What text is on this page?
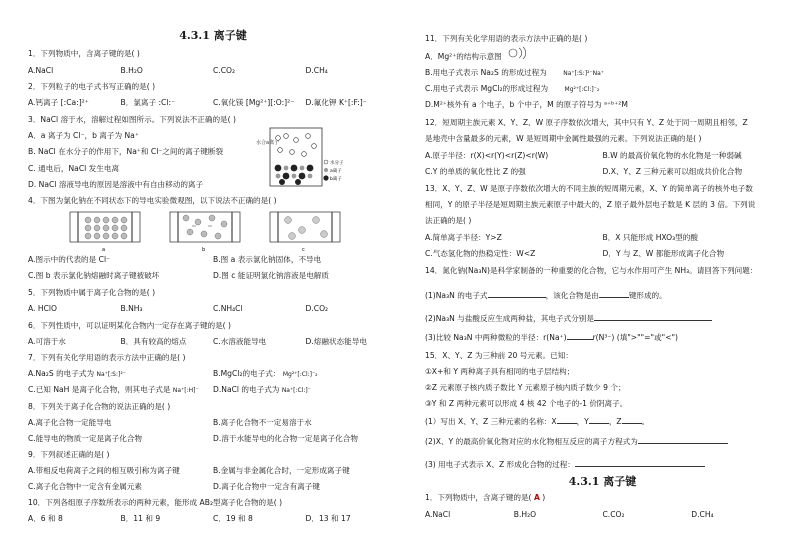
4.3.1 离子键
1．下列物质中，含离子键的是( )
A.NaCl	B.H₂O	C.CO₂	D.CH₄
2．下列粒子的电子式书写正确的是( )
A.钙离子 [:Ca:]²⁺	B．氯离子 :Cl:⁻	C.氧化镁 [Mg²⁺][:O:]²⁻	D.氟化钾 K⁺[:F:]⁻
3．NaCl 溶于水，溶解过程如图所示。下列说法不正确的是( )
A．a 离子为 Cl⁻，b 离子为 Na⁺
B. NaCl 在水分子的作用下，Na⁺和 Cl⁻之间的离子键断裂
C. 通电后，NaCl 发生电离
D. NaCl 溶液导电的原因是溶液中有自由移动的离子
水合a离子
水分子
a离子
b离子
4．下图为氯化钠在不同状态下的导电实验微观图，以下说法不正确的是( )
a	b	c
A.图示中的代表的是 Cl⁻	B.图 a 表示氯化钠固体，不导电
C.图 b 表示氯化钠熔融时离子键被破坏	D.图 c 能证明氯化钠溶液是电解质
5．下列物质中属于离子化合物的是( )
A. HClO	B.NH₃	C.NH₄Cl	D.CO₂
6．下列性质中，可以证明某化合物内一定存在离子键的是( )
A.可溶于水	B．具有较高的熔点	C.水溶液能导电	D.熔融状态能导电
7．下列有关化学用语的表示方法中正确的是( )
A.Na₂S 的电子式为 Na⁺[:S:]²⁻	B.MgCl₂的电子式： Mg²⁺[:Cl:]⁻₂
C.已知 NaH 是离子化合物，则其电子式是 Na⁺[:H]⁻	D.NaCl 的电子式为 Na⁺[:Cl:]⁻
8．下列关于离子化合物的说法正确的是( )
A.离子化合物一定能导电	B.离子化合物不一定易溶于水
C.能导电的物质一定是离子化合物	D.溶于水能导电的化合物一定是离子化合物
9．下列叙述正确的是( )
A.带相反电荷离子之间的相互吸引称为离子键	B.金属与非金属化合时，一定形成离子键
C.离子化合物中一定含有金属元素	D.离子化合物中一定含有离子键
10．下列各组原子序数所表示的两种元素，能形成 AB₂型离子化合物的是( )
A．6 和 8	B．11 和 9	C．19 和 8	D．13 和 17
11．下列有关化学用语的表示方法中正确的是( )
A．Mg²⁺的结构示意图
B.用电子式表示 Na₂S 的形成过程为	Na⁺[:S:]²⁻Na⁺
C.用电子式表示 MgCl₂的形成过程为	Mg²⁺[:Cl:]⁻₂
D.M²⁺核外有 a 个电子，b 个中子，M 的原子符号为 ᵃ⁺ᵇ⁺²M
12．短周期主族元素 X、Y、Z、W 原子序数依次增大，其中只有 Y、Z 处于同一周期且相邻，Z
是地壳中含量最多的元素，W 是短周期中金属性最强的元素。下列说法正确的是( )
A.原子半径：r(X)<r(Y)<r(Z)<r(W)	B.W 的最高价氧化物的水化物是一种弱碱
C.Y 的单质的氧化性比 Z 的强	D.X、Y、Z 三种元素可以组成共价化合物
13．X、Y、Z、W 是原子序数依次增大的不同主族的短周期元素，X、Y 的简单离子的核外电子数
相同，Y 的原子半径是短周期主族元素原子中最大的，Z 原子最外层电子数是 K 层的 3 倍。下列说
法正确的是( )
A.简单离子半径：Y>Z	B．X 只能形成 HXO₃型的酸
C.气态氢化物的热稳定性：W<Z	D．Y 与 Z、W 都能形成离子化合物
14．氮化钠(Na₃N)是科学家制备的一种重要的化合物，它与水作用可产生 NH₃。请回答下列问题：
(1)Na₃N 的电子式	，该化合物是由	键形成的。
(2)Na₃N 与盐酸反应生成两种盐，其电子式分别是
(3)比较 Na₃N 中两种微粒的半径：r(Na⁺)	r(N³⁻) (填">""="或"<")
15．X、Y、Z 为三种前 20 号元素。已知：
①X+和 Y 两种离子具有相同的电子层结构；
②Z 元素原子核内质子数比 Y 元素原子核内质子数少 9 个；
③Y 和 Z 两种元素可以形成 4 核 42 个电子的-1 价阴离子。
(1）写出 X、Y、Z 三种元素的名称：X	，Y	，Z	。
(2)X、Y 的最高价氧化物对应的水化物相互反应的离子方程式为
(3) 用电子式表示 X、Z 形成化合物的过程：
4.3.1 离子键
1．下列物质中，含离子键的是( A )
A.NaCl	B.H₂O	C.CO₂	D.CH₄
